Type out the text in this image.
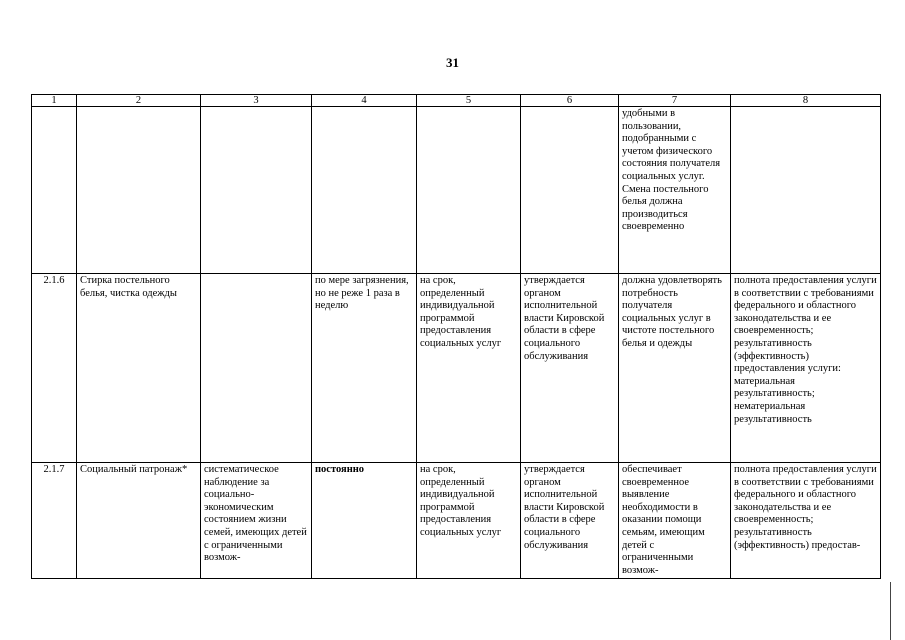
31
1	2	3	4	5	6	7	8
						удобными в пользовании, подобранными с учетом физического состояния получателя социальных услуг. Смена постельного белья должна производиться своевременно	
2.1.6	Стирка постельного белья, чистка одежды		по мере загрязнения, но не реже 1 раза в неделю	на срок, определенный индивидуальной программой предоставления социальных услуг	утверждается органом исполнительной власти Кировской области в сфере социального обслуживания	должна удовлетворять потребность получателя социальных услуг в чистоте постельного белья и одежды	полнота предоставления услуги в соответствии с требованиями федерального и областного законодательства и ее своевременность; результативность (эффективность) предоставления услуги: материальная результативность; нематериальная результативность
2.1.7	Социальный патронаж*	систематическое наблюдение за социально-экономическим состоянием жизни семей, имеющих детей с ограниченными возмож-	постоянно	на срок, определенный индивидуальной программой предоставления социальных услуг	утверждается органом исполнительной власти Кировской области в сфере социального обслуживания	обеспечивает своевременное выявление необходимости в оказании помощи семьям, имеющим детей с ограниченными возмож-	полнота предоставления услуги в соответствии с требованиями федерального и областного законодательства и ее своевременность; результативность (эффективность) предостав-
